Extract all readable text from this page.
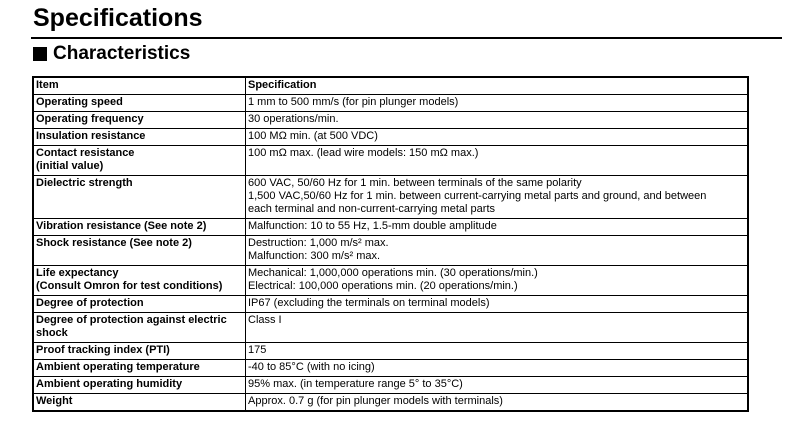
Specifications
Characteristics
Item	Specification

Operating speed	1 mm to 500 mm/s (for pin plunger models)

Operating frequency	30 operations/min.

Insulation resistance	100 MΩ min. (at 500 VDC)

Contact resistance
(initial value)	100 mΩ max. (lead wire models: 150 mΩ max.)

Dielectric strength	600 VAC, 50/60 Hz for 1 min. between terminals of the same polarity
1,500 VAC,50/60 Hz for 1 min. between current-carrying metal parts and ground, and between
each terminal and non-current-carrying metal parts

Vibration resistance (See note 2)	Malfunction: 10 to 55 Hz, 1.5-mm double amplitude

Shock resistance (See note 2)	Destruction: 1,000 m/s² max.
Malfunction: 300 m/s² max.

Life expectancy
(Consult Omron for test conditions)	Mechanical: 1,000,000 operations min. (30 operations/min.)
Electrical: 100,000 operations min. (20 operations/min.)

Degree of protection	IP67 (excluding the terminals on terminal models)

Degree of protection against electric
shock	Class I

Proof tracking index (PTI)	175

Ambient operating temperature	-40 to 85°C (with no icing)

Ambient operating humidity	95% max. (in temperature range 5° to 35°C)

Weight	Approx. 0.7 g (for pin plunger models with terminals)
